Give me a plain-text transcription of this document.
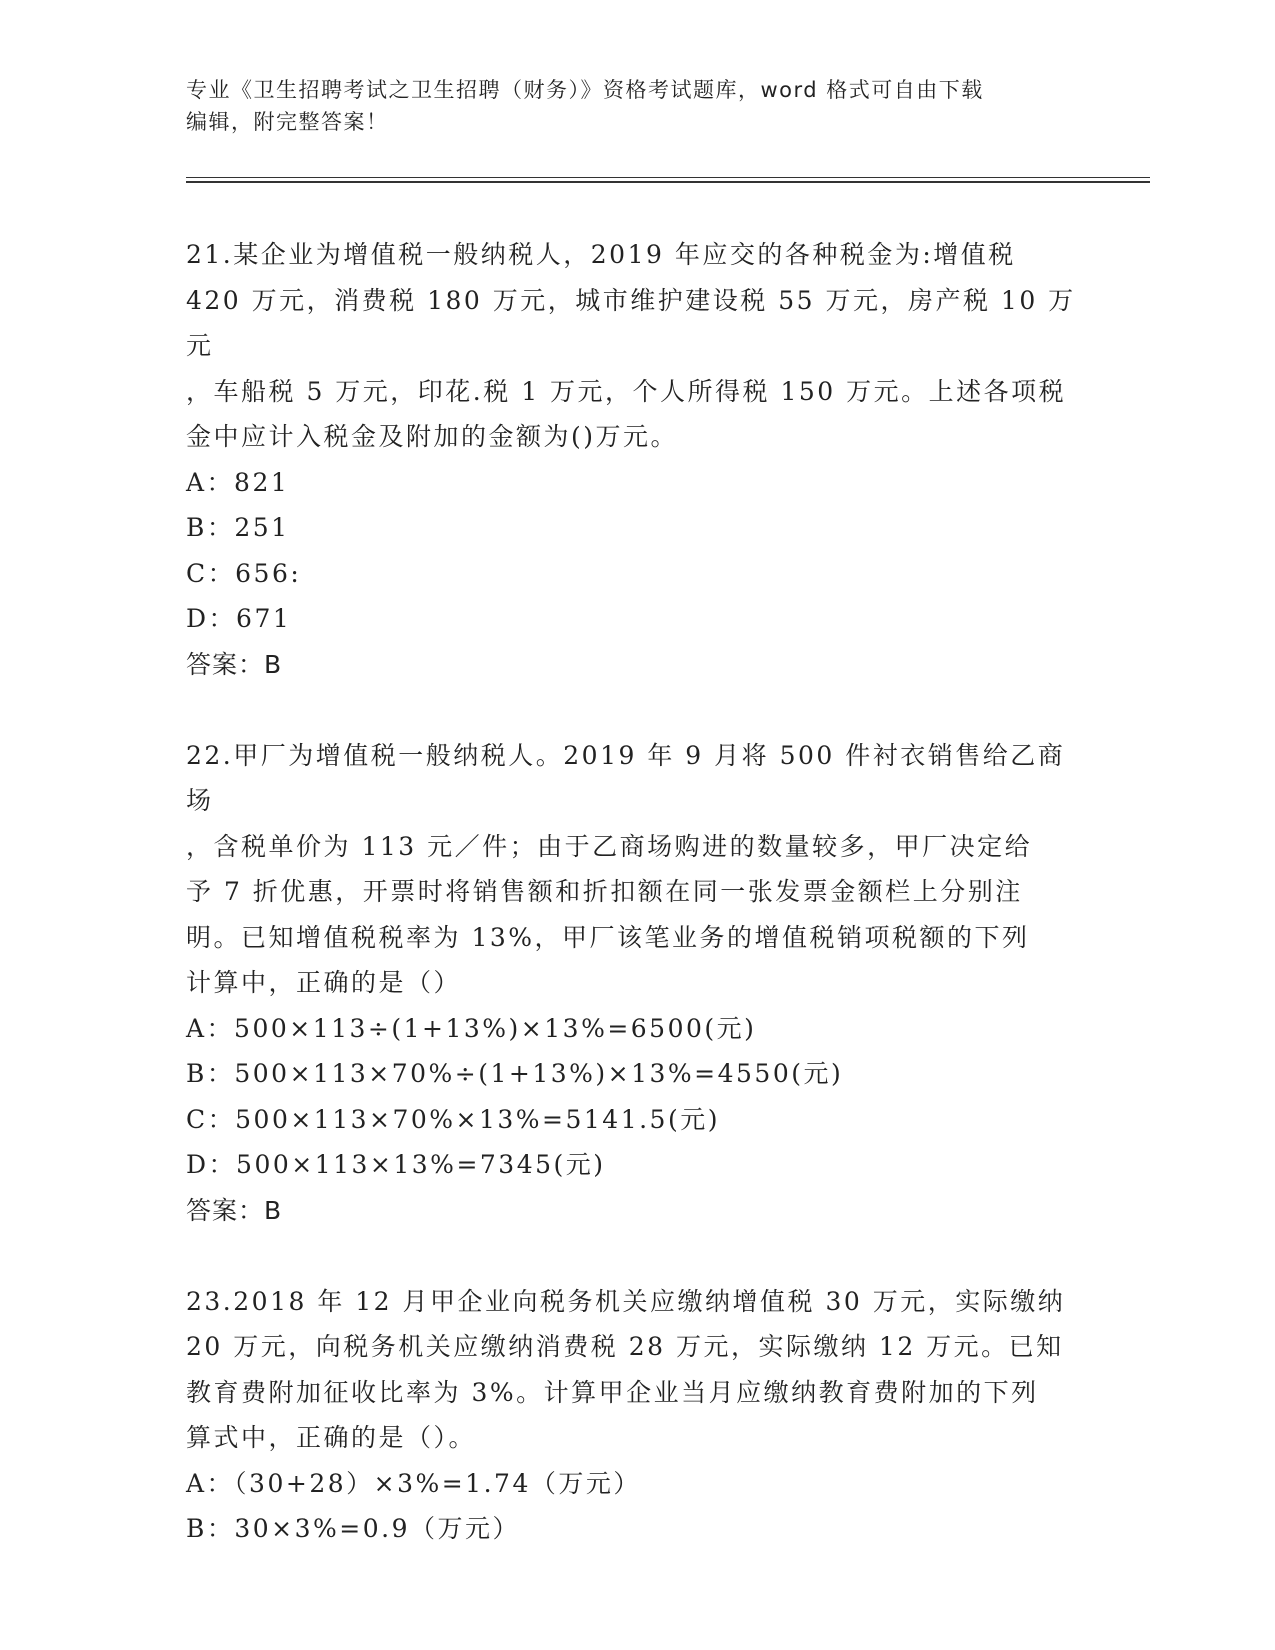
专业《卫生招聘考试之卫生招聘（财务）》资格考试题库，word 格式可自由下载
编辑，附完整答案！
21.某企业为增值税一般纳税人，2019 年应交的各种税金为:增值税
420 万元，消费税 180 万元，城市维护建设税 55 万元，房产税 10 万元
，车船税 5 万元，印花.税 1 万元，个人所得税 150 万元。上述各项税
金中应计入税金及附加的金额为()万元。
A：821
B：251
C：656:
D：671
答案：B
22.甲厂为增值税一般纳税人。2019 年 9 月将 500 件衬衣销售给乙商场
，含税单价为 113 元／件；由于乙商场购进的数量较多，甲厂决定给
予 7 折优惠，开票时将销售额和折扣额在同一张发票金额栏上分别注
明。已知增值税税率为 13%，甲厂该笔业务的增值税销项税额的下列
计算中，正确的是（）
A：500×113÷(1+13%)×13%=6500(元)
B：500×113×70%÷(1+13%)×13%=4550(元)
C：500×113×70%×13%=5141.5(元)
D：500×113×13%=7345(元)
答案：B
23.2018 年 12 月甲企业向税务机关应缴纳增值税 30 万元，实际缴纳
20 万元，向税务机关应缴纳消费税 28 万元，实际缴纳 12 万元。已知
教育费附加征收比率为 3%。计算甲企业当月应缴纳教育费附加的下列
算式中，正确的是（）。
A：（30+28）×3%=1.74（万元）
B：30×3%=0.9（万元）
